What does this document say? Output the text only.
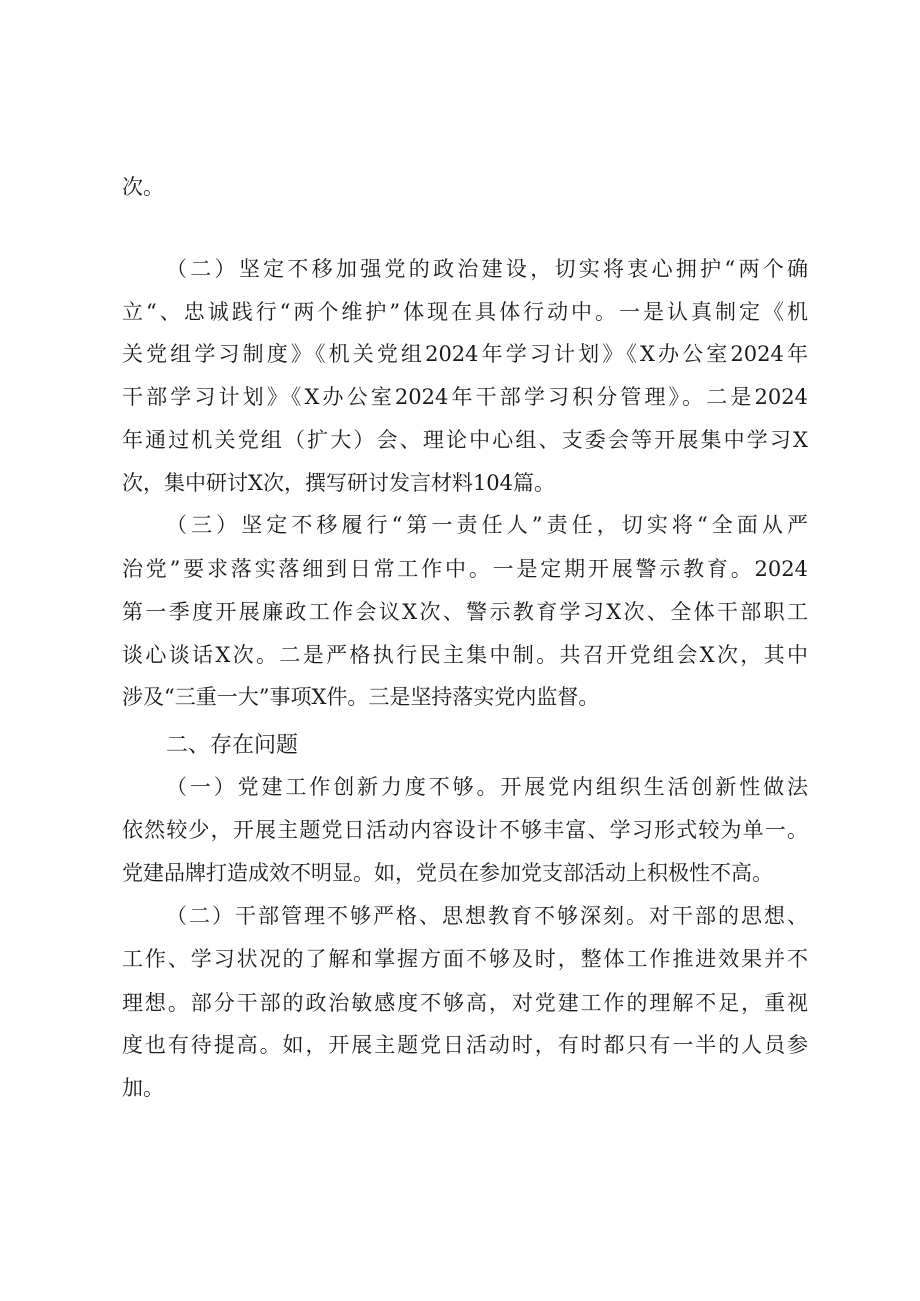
次。
（二）坚定不移加强党的政治建设，切实将衷心拥护“两个确
立“、忠诚践行“两个维护”体现在具体行动中。一是认真制定《机
关党组学习制度》《机关党组2024年学习计划》《X办公室2024年
干部学习计划》《X办公室2024年干部学习积分管理》。二是2024
年通过机关党组（扩大）会、理论中心组、支委会等开展集中学习X
次，集中研讨X次，撰写研讨发言材料104篇。
（三）坚定不移履行“第一责任人”责任，切实将“全面从严
治党”要求落实落细到日常工作中。一是定期开展警示教育。2024
第一季度开展廉政工作会议X次、警示教育学习X次、全体干部职工
谈心谈话X次。二是严格执行民主集中制。共召开党组会X次，其中
涉及“三重一大”事项X件。三是坚持落实党内监督。
二、存在问题
（一）党建工作创新力度不够。开展党内组织生活创新性做法
依然较少，开展主题党日活动内容设计不够丰富、学习形式较为单一。
党建品牌打造成效不明显。如，党员在参加党支部活动上积极性不高。
（二）干部管理不够严格、思想教育不够深刻。对干部的思想、
工作、学习状况的了解和掌握方面不够及时，整体工作推进效果并不
理想。部分干部的政治敏感度不够高，对党建工作的理解不足，重视
度也有待提高。如，开展主题党日活动时，有时都只有一半的人员参
加。
